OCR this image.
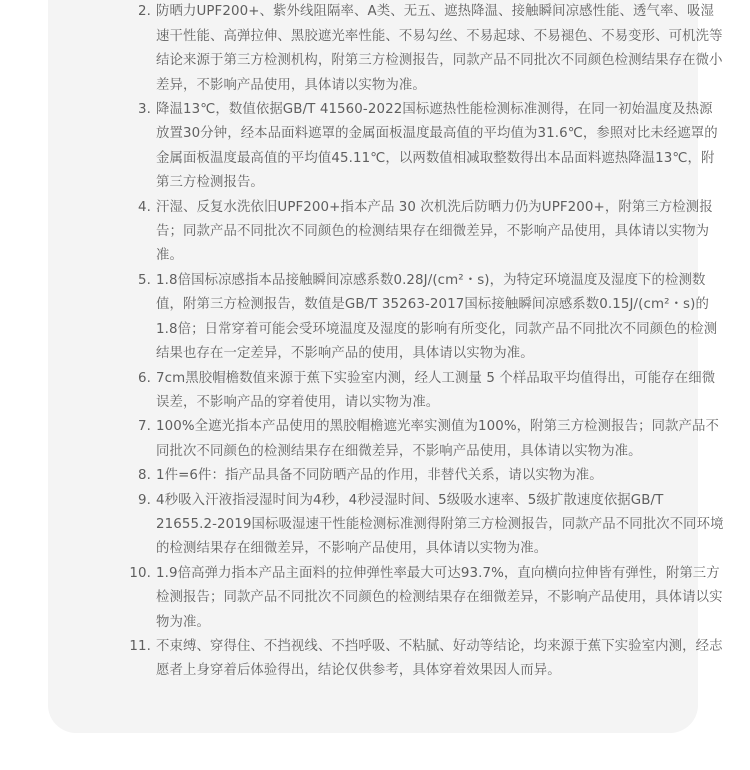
2. 防晒力UPF200+、紫外线阻隔率、A类、无五、遮热降温、接触瞬间凉感性能、透气率、吸湿速干性能、高弹拉伸、黑胶遮光率性能、不易勾丝、不易起球、不易褪色、不易变形、可机洗等结论来源于第三方检测机构，附第三方检测报告，同款产品不同批次不同颜色检测结果存在微小差异，不影响产品使用，具体请以实物为准。

3. 降温13℃，数值依据GB/T 41560-2022国标遮热性能检测标准测得，在同一初始温度及热源放置30分钟，经本品面料遮罩的金属面板温度最高值的平均值为31.6℃，参照对比未经遮罩的金属面板温度最高值的平均值45.11℃，以两数值相减取整数得出本品面料遮热降温13℃，附第三方检测报告。

4. 汗湿、反复水洗依旧UPF200+指本产品 30 次机洗后防晒力仍为UPF200+，附第三方检测报告；同款产品不同批次不同颜色的检测结果存在细微差异，不影响产品使用，具体请以实物为准。

5. 1.8倍国标凉感指本品接触瞬间凉感系数0.28J/(cm²・s)，为特定环境温度及湿度下的检测数值，附第三方检测报告，数值是GB/T 35263-2017国标接触瞬间凉感系数0.15J/(cm²・s)的1.8倍；日常穿着可能会受环境温度及湿度的影响有所变化，同款产品不同批次不同颜色的检测结果也存在一定差异，不影响产品的使用，具体请以实物为准。

6. 7cm黑胶帽檐数值来源于蕉下实验室内测，经人工测量 5 个样品取平均值得出，可能存在细微误差，不影响产品的穿着使用，请以实物为准。

7. 100%全遮光指本产品使用的黑胶帽檐遮光率实测值为100%，附第三方检测报告；同款产品不同批次不同颜色的检测结果存在细微差异，不影响产品使用，具体请以实物为准。

8. 1件=6件：指产品具备不同防晒产品的作用，非替代关系，请以实物为准。

9. 4秒吸入汗液指浸湿时间为4秒，4秒浸湿时间、5级吸水速率、5级扩散速度依据GB/T 21655.2-2019国标吸湿速干性能检测标准测得附第三方检测报告，同款产品不同批次不同环境的检测结果存在细微差异，不影响产品使用，具体请以实物为准。

10. 1.9倍高弹力指本产品主面料的拉伸弹性率最大可达93.7%，直向横向拉伸皆有弹性，附第三方检测报告；同款产品不同批次不同颜色的检测结果存在细微差异，不影响产品使用，具体请以实物为准。

11. 不束缚、穿得住、不挡视线、不挡呼吸、不粘腻、好动等结论，均来源于蕉下实验室内测，经志愿者上身穿着后体验得出，结论仅供参考，具体穿着效果因人而异。
